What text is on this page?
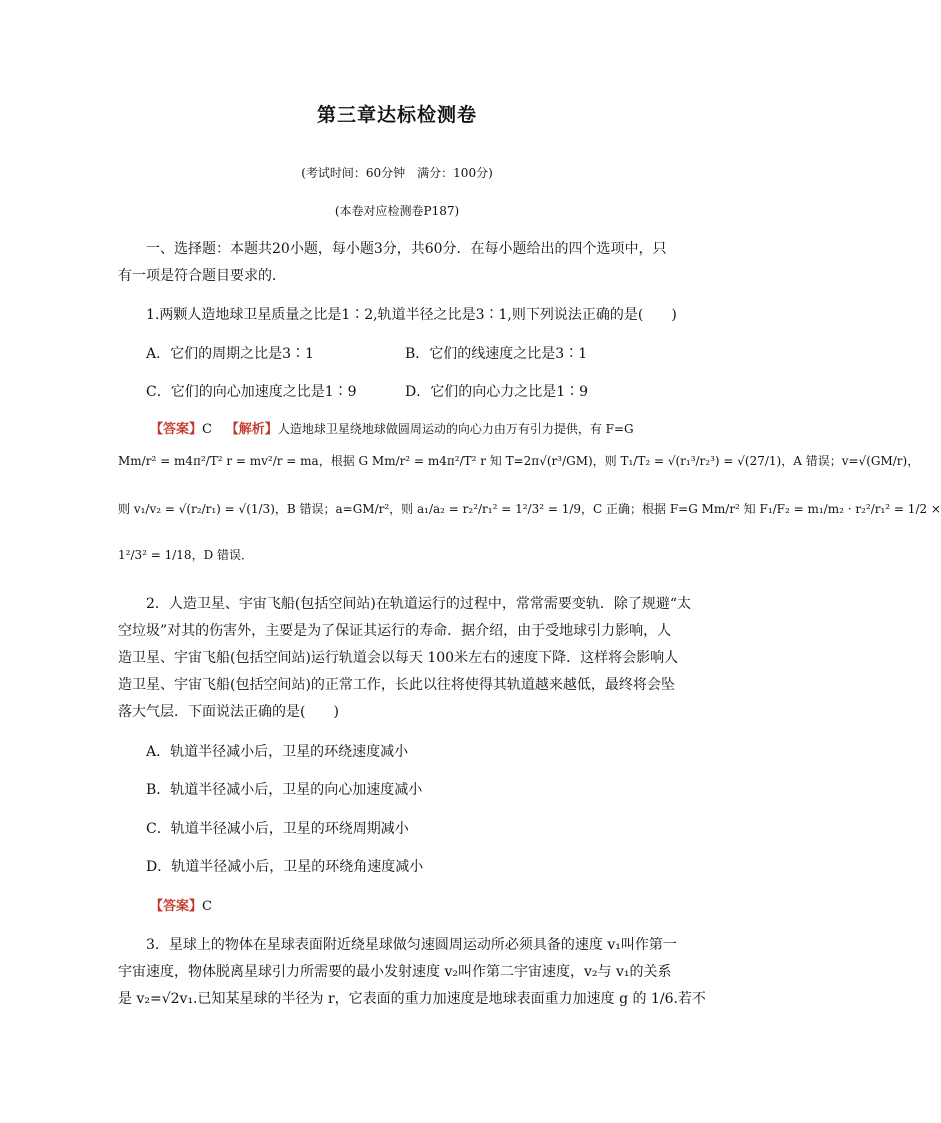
第三章达标检测卷
(考试时间：60分钟　满分：100分)
(本卷对应检测卷P187)
一、选择题：本题共20小题，每小题3分，共60分．在每小题给出的四个选项中，只
有一项是符合题目要求的．
1.两颗人造地球卫星质量之比是1∶2,轨道半径之比是3∶1,则下列说法正确的是(　　)
A．它们的周期之比是3∶1	B．它们的线速度之比是3∶1
C．它们的向心加速度之比是1∶9	D．它们的向心力之比是1∶9
【答案】C 【解析】人造地球卫星绕地球做圆周运动的向心力由万有引力提供，有 F=G
Mm/r² = m4π²/T² r = mv²/r = ma，根据 G Mm/r² = m4π²/T² r 知 T=2π√(r³/GM)，则 T₁/T₂ = √(r₁³/r₂³) = √(27/1)，A 错误；v=√(GM/r)，
则 v₁/v₂ = √(r₂/r₁) = √(1/3)，B 错误；a=GM/r²，则 a₁/a₂ = r₂²/r₁² = 1²/3² = 1/9，C 正确；根据 F=G Mm/r² 知 F₁/F₂ = m₁/m₂ · r₂²/r₁² = 1/2 ×
1²/3² = 1/18，D 错误．
2．人造卫星、宇宙飞船(包括空间站)在轨道运行的过程中，常常需要变轨．除了规避“太
空垃圾”对其的伤害外，主要是为了保证其运行的寿命．据介绍，由于受地球引力影响，人
造卫星、宇宙飞船(包括空间站)运行轨道会以每天 100米左右的速度下降．这样将会影响人
造卫星、宇宙飞船(包括空间站)的正常工作，长此以往将使得其轨道越来越低，最终将会坠
落大气层．下面说法正确的是(　　)
A．轨道半径减小后，卫星的环绕速度减小
B．轨道半径减小后，卫星的向心加速度减小
C．轨道半径减小后，卫星的环绕周期减小
D．轨道半径减小后，卫星的环绕角速度减小
【答案】C
3．星球上的物体在星球表面附近绕星球做匀速圆周运动所必须具备的速度 v₁叫作第一
宇宙速度，物体脱离星球引力所需要的最小发射速度 v₂叫作第二宇宙速度，v₂与 v₁的关系
是 v₂=√2v₁.已知某星球的半径为 r，它表面的重力加速度是地球表面重力加速度 g 的 1/6.若不
